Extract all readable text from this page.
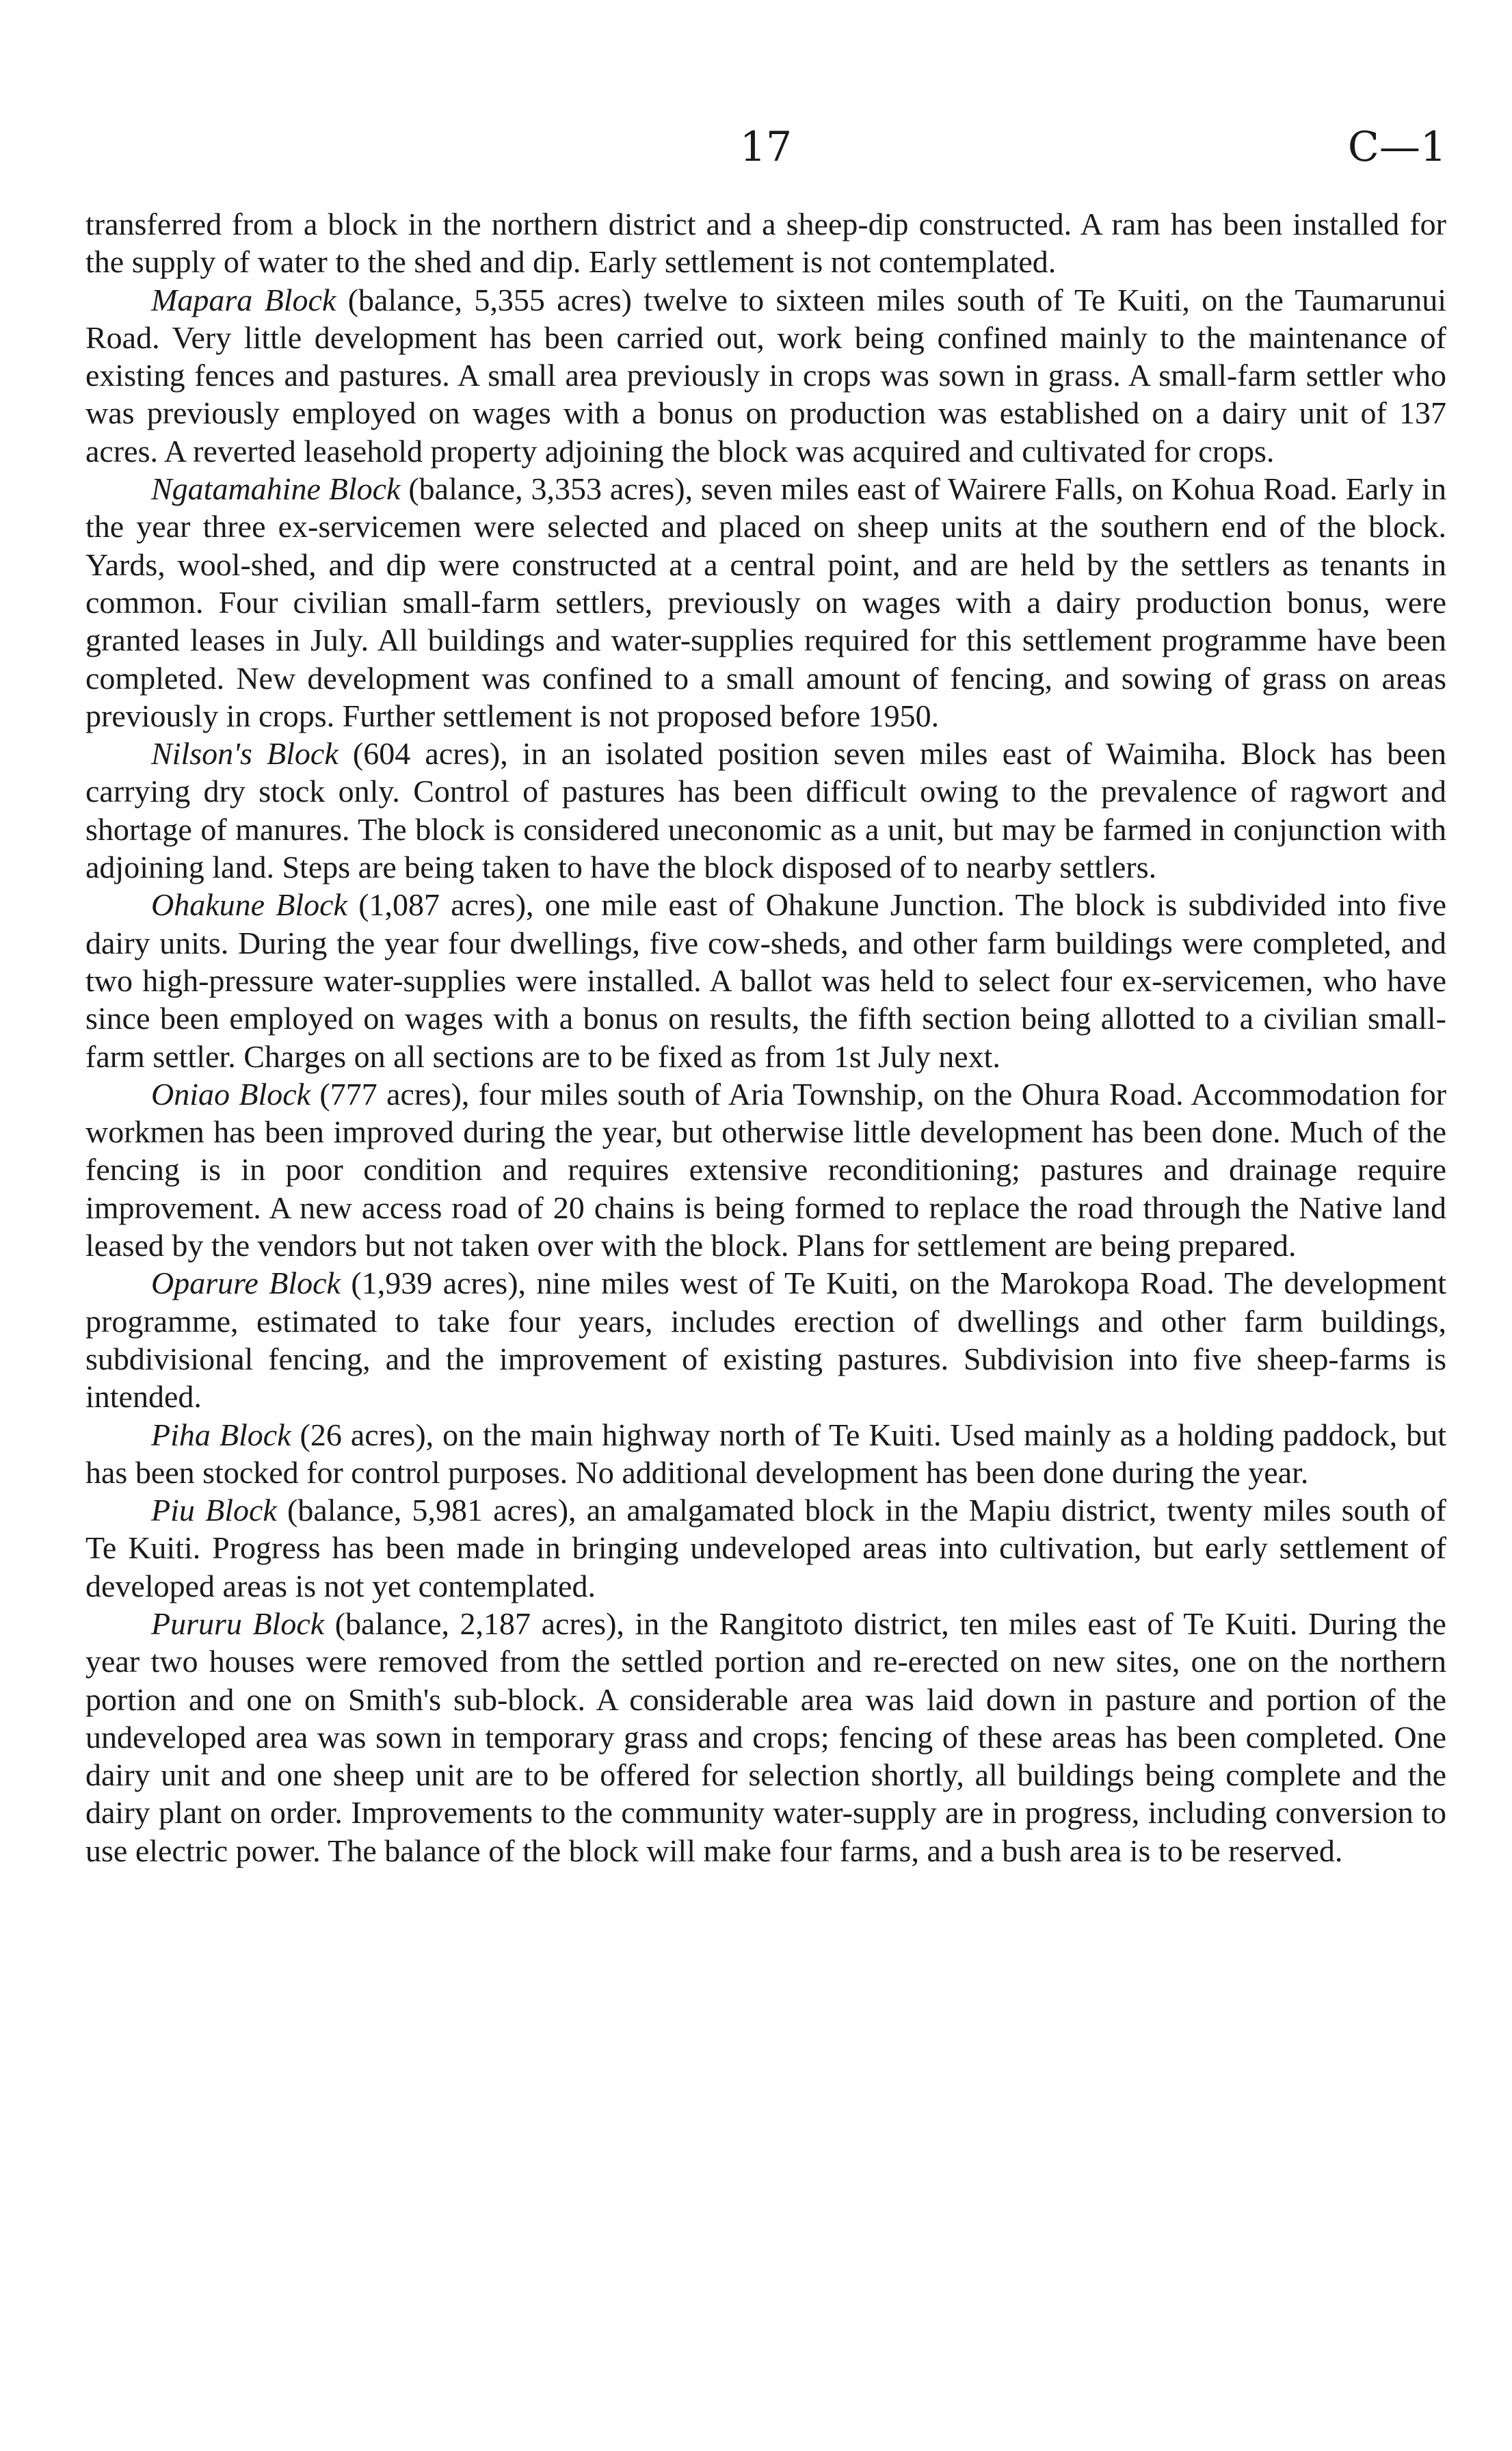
17	C—1

transferred from a block in the northern district and a sheep-dip constructed. A ram has been installed for the supply of water to the shed and dip. Early settlement is not contemplated.

Mapara Block (balance, 5,355 acres) twelve to sixteen miles south of Te Kuiti, on the Taumarunui Road. Very little development has been carried out, work being confined mainly to the maintenance of existing fences and pastures. A small area previously in crops was sown in grass. A small-farm settler who was previously employed on wages with a bonus on production was established on a dairy unit of 137 acres. A reverted leasehold property adjoining the block was acquired and cultivated for crops.

Ngatamahine Block (balance, 3,353 acres), seven miles east of Wairere Falls, on Kohua Road. Early in the year three ex-servicemen were selected and placed on sheep units at the southern end of the block. Yards, wool-shed, and dip were constructed at a central point, and are held by the settlers as tenants in common. Four civilian small-farm settlers, previously on wages with a dairy production bonus, were granted leases in July. All buildings and water-supplies required for this settlement programme have been completed. New development was confined to a small amount of fencing, and sowing of grass on areas previously in crops. Further settlement is not proposed before 1950.

Nilson's Block (604 acres), in an isolated position seven miles east of Waimiha. Block has been carrying dry stock only. Control of pastures has been difficult owing to the prevalence of ragwort and shortage of manures. The block is considered uneconomic as a unit, but may be farmed in conjunction with adjoining land. Steps are being taken to have the block disposed of to nearby settlers.

Ohakune Block (1,087 acres), one mile east of Ohakune Junction. The block is subdivided into five dairy units. During the year four dwellings, five cow-sheds, and other farm buildings were completed, and two high-pressure water-supplies were installed. A ballot was held to select four ex-servicemen, who have since been employed on wages with a bonus on results, the fifth section being allotted to a civilian small-farm settler. Charges on all sections are to be fixed as from 1st July next.

Oniao Block (777 acres), four miles south of Aria Township, on the Ohura Road. Accommodation for workmen has been improved during the year, but otherwise little development has been done. Much of the fencing is in poor condition and requires extensive reconditioning; pastures and drainage require improvement. A new access road of 20 chains is being formed to replace the road through the Native land leased by the vendors but not taken over with the block. Plans for settlement are being prepared.

Oparure Block (1,939 acres), nine miles west of Te Kuiti, on the Marokopa Road. The development programme, estimated to take four years, includes erection of dwellings and other farm buildings, subdivisional fencing, and the improvement of existing pastures. Subdivision into five sheep-farms is intended.

Piha Block (26 acres), on the main highway north of Te Kuiti. Used mainly as a holding paddock, but has been stocked for control purposes. No additional development has been done during the year.

Piu Block (balance, 5,981 acres), an amalgamated block in the Mapiu district, twenty miles south of Te Kuiti. Progress has been made in bringing undeveloped areas into cultivation, but early settlement of developed areas is not yet contemplated.

Pururu Block (balance, 2,187 acres), in the Rangitoto district, ten miles east of Te Kuiti. During the year two houses were removed from the settled portion and re-erected on new sites, one on the northern portion and one on Smith's sub-block. A considerable area was laid down in pasture and portion of the undeveloped area was sown in temporary grass and crops; fencing of these areas has been completed. One dairy unit and one sheep unit are to be offered for selection shortly, all buildings being complete and the dairy plant on order. Improvements to the community water-supply are in progress, including conversion to use electric power. The balance of the block will make four farms, and a bush area is to be reserved.
